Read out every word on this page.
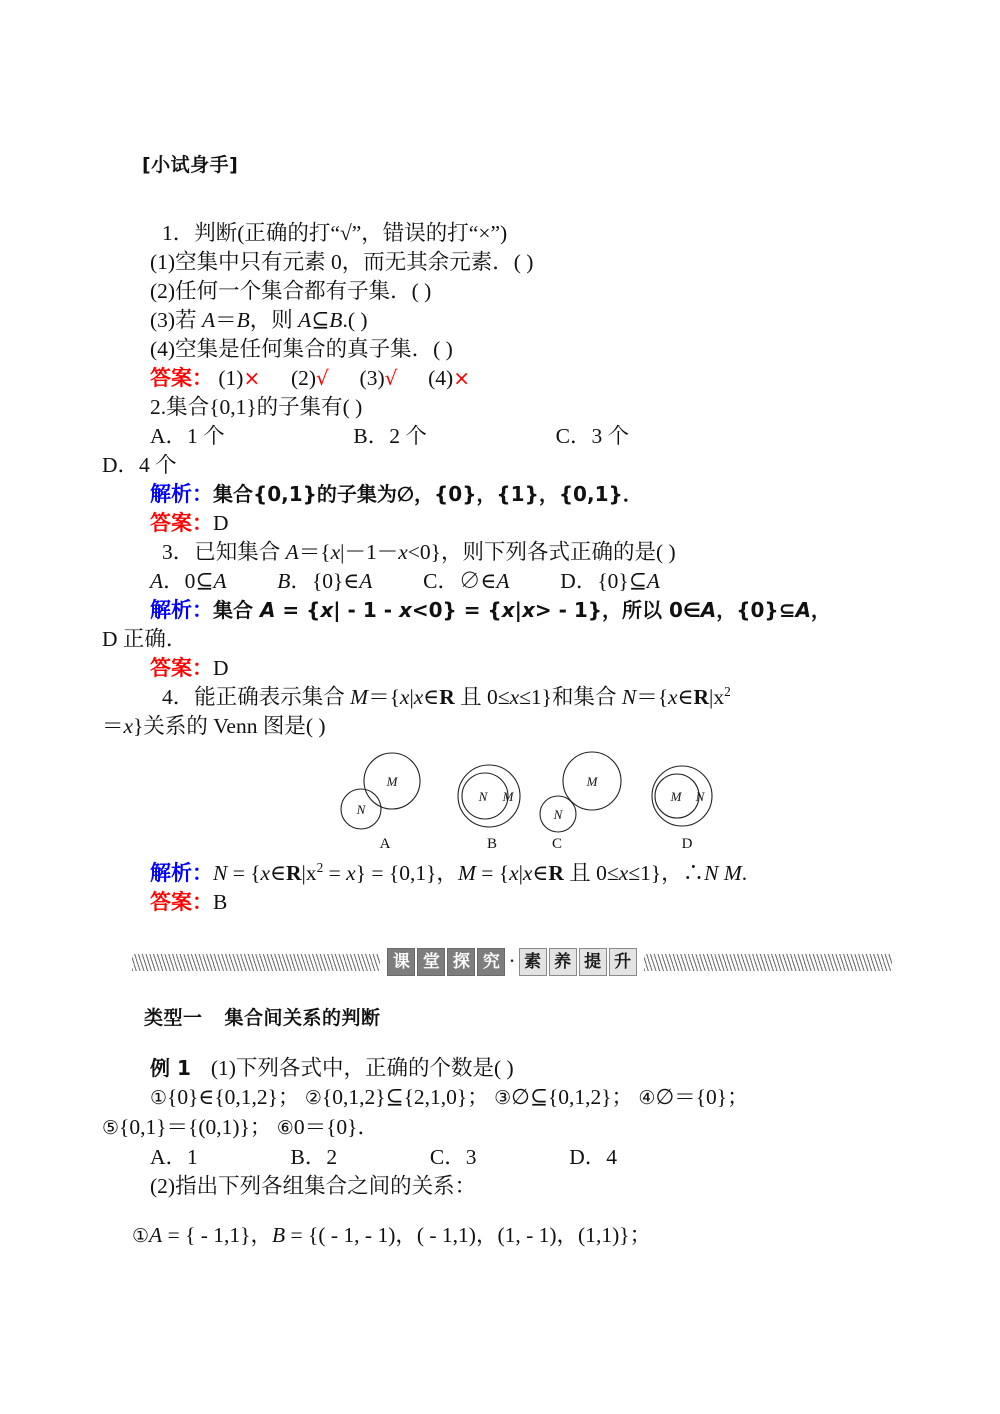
[小试身手]
1．判断(正确的打“√”，错误的打“×”)
(1)空集中只有元素 0，而无其余元素．( )
(2)任何一个集合都有子集．( )
(3)若 A＝B，则 A⊆B.( )
(4)空集是任何集合的真子集．( )
答案： (1)× (2)√ (3)√ (4)×
2.集合{0,1}的子集有( )
A．1 个	B．2 个	C．3 个
D．4 个
解析：集合{0,1}的子集为∅，{0}，{1}，{0,1}．
答案：D
3．已知集合 A＝{x|－1－x<0}，则下列各式正确的是( )
A．0⊆A B．{0}∈A C．∅∈A D．{0}⊆A
解析：集合 A = {x| - 1 - x<0} = {x|x> - 1}，所以 0∈A，{0}⊆A，
D 正确．
答案：D
4．能正确表示集合 M＝{x|x∈R 且 0≤x≤1}和集合 $N=\{x\in R|x^2$
＝x}关系的 Venn 图是( )
M
N
A
N M
B
M
N
C
M N
D
解析：$N = \{x\in R|x^2 = x\} = \{0,1\}$，M = {x|x∈R 且 0≤x≤1}，∴N M.
答案：B
课 堂 探 究 · 素 养 提 升
类型一 集合间关系的判断
例 1 (1)下列各式中，正确的个数是( )
①{0}∈{0,1,2}； ②{0,1,2}⊆{2,1,0}； ③∅⊆{0,1,2}； ④∅＝{0}；
⑤{0,1}＝{(0,1)}； ⑥0＝{0}．
A．1	B．2	C．3	D．4
(2)指出下列各组集合之间的关系：
①A = { - 1,1}，B = {( - 1, - 1)，( - 1,1)，(1, - 1)，(1,1)}；
